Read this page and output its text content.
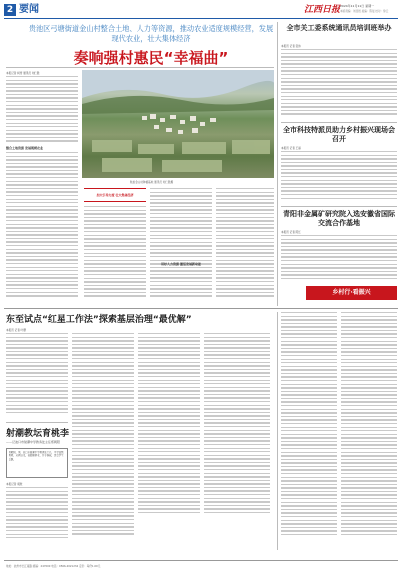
2 要闻	江西日报 2024年11月11日 星期一
本版责编：刘佳晨 美编：陈瑶 校对：徐云
贵池区弓塘街道金山村整合土地、人力等资源，推动农业适度规模经营，发展现代农业，壮大集体经济
奏响强村惠民“幸福曲”
本报记者 柯雪 通讯员 刘仁胜
整合土地资源 发展规模农业
航拍金山村种植基地 通讯员 刘仁胜摄
加大引导力度 壮大集体经济
用好人力资源 激活发展新动能
全市关工委系统通讯员培训班举办
本报讯 记者 张伟
全市科技特派员助力乡村振兴现场会召开
本报讯 记者 王丽
青阳非金属矿研究院入选安徽省国际交流合作基地
本报讯 记者 陈红
乡村行·看振兴
东至试点“红星工作法”探索基层治理“最优解”
本报讯 记者 叶珊
射潮教坛育桃李
——记池口市射潮中学教务处主任郑朝阳
郑朝阳，男，池口市射潮中学教务处主任，中学高级教师。从教以来，他勤勉敬业，甘于奉献，深受学生爱戴。
本报记者 胡欣
地址：池州市长江南路 邮编：247000 电话：0566-2021234 定价：每份1.00元
